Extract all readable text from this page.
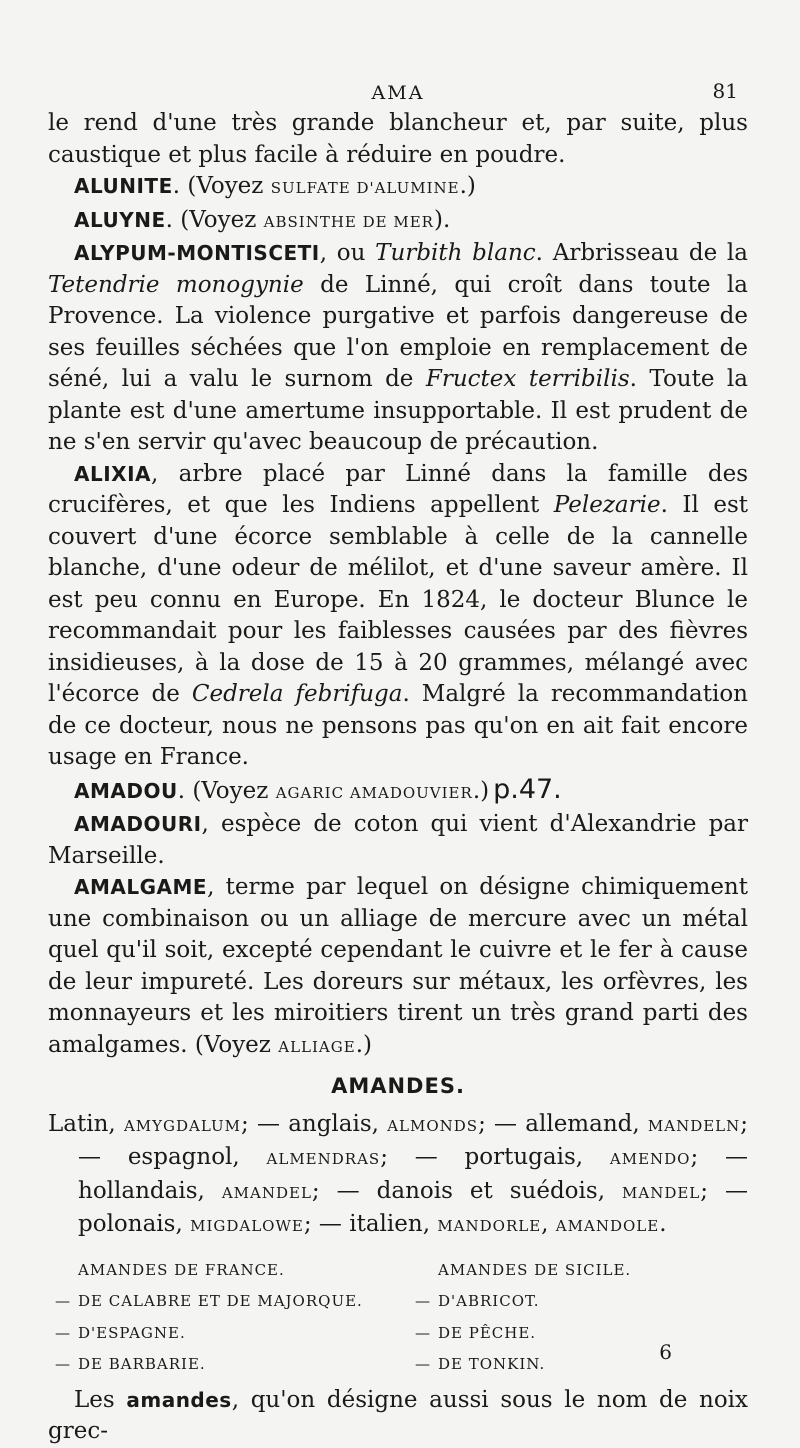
AMA	81

le rend d'une très grande blancheur et, par suite, plus caustique et plus facile à réduire en poudre.

ALUNITE. (Voyez SULFATE D'ALUMINE.)

ALUYNE. (Voyez ABSINTHE DE MER).

ALYPUM-MONTISCETI, ou Turbith blanc. Arbrisseau de la Tetendrie monogynie de Linné, qui croît dans toute la Provence. La violence purgative et parfois dangereuse de ses feuilles séchées que l'on emploie en remplacement de séné, lui a valu le surnom de Fructex terribilis. Toute la plante est d'une amertume insupportable. Il est prudent de ne s'en servir qu'avec beaucoup de précaution.

ALIXIA, arbre placé par Linné dans la famille des crucifères, et que les Indiens appellent Pelezarie. Il est couvert d'une écorce semblable à celle de la cannelle blanche, d'une odeur de mélilot, et d'une saveur amère. Il est peu connu en Europe. En 1824, le docteur Blunce le recommandait pour les faiblesses causées par des fièvres insidieuses, à la dose de 15 à 20 grammes, mélangé avec l'écorce de Cedrela febrifuga. Malgré la recommandation de ce docteur, nous ne pensons pas qu'on en ait fait encore usage en France.

AMADOU. (Voyez AGARIC AMADOUVIER.) p.47.

AMADOURI, espèce de coton qui vient d'Alexandrie par Marseille.

AMALGAME, terme par lequel on désigne chimiquement une combinaison ou un alliage de mercure avec un métal quel qu'il soit, excepté cependant le cuivre et le fer à cause de leur impureté. Les doreurs sur métaux, les orfèvres, les monnayeurs et les miroitiers tirent un très grand parti des amalgames. (Voyez ALLIAGE.)

AMANDES.

Latin, AMYGDALUM; — anglais, ALMONDS; — allemand, MANDELN; — espagnol, ALMENDRAS; — portugais, AMENDO; — hollandais, AMANDEL; — danois et suédois, MANDEL; — polonais, MIGDALOWE; — italien, MANDORLE, AMANDOLE.

	AMANDES DE FRANCE.		AMANDES DE SICILE.
—	DE CALABRE ET DE MAJORQUE.	—	D'ABRICOT.
—	D'ESPAGNE.	—	DE PÊCHE.
—	DE BARBARIE.	—	DE TONKIN.

Les amandes, qu'on désigne aussi sous le nom de noix grec-

6
